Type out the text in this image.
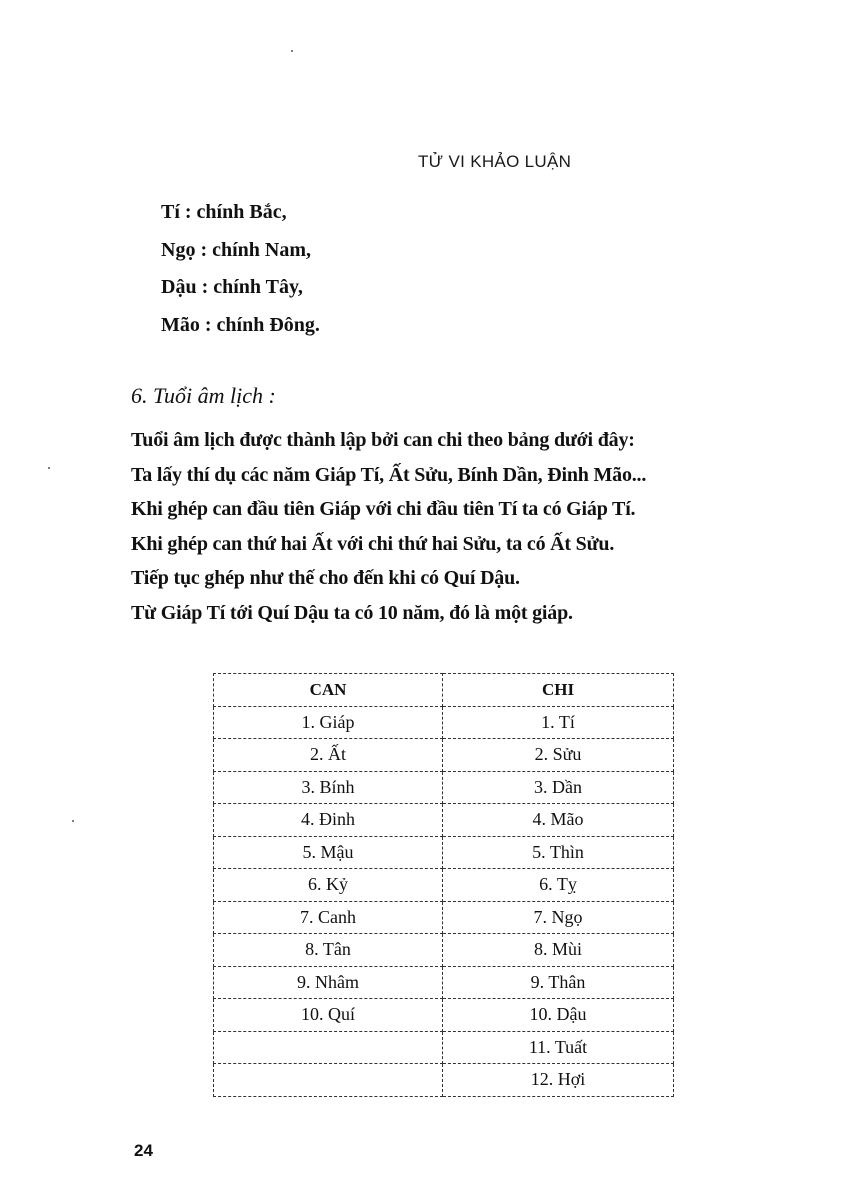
TỬ VI KHẢO LUẬN
Tí : chính Bắc,
Ngọ : chính Nam,
Dậu : chính Tây,
Mão : chính Đông.
6. Tuổi âm lịch :
Tuổi âm lịch được thành lập bởi can chi theo bảng dưới đây:
Ta lấy thí dụ các năm Giáp Tí, Ất Sửu, Bính Dần, Đinh Mão...
Khi ghép can đầu tiên Giáp với chi đầu tiên Tí ta có Giáp Tí.
Khi ghép can thứ hai Ất với chi thứ hai Sửu, ta có Ất Sửu.
Tiếp tục ghép như thế cho đến khi có Quí Dậu.
Từ Giáp Tí tới Quí Dậu ta có 10 năm, đó là một giáp.
CAN	CHI
1. Giáp	1. Tí
2. Ất	2. Sửu
3. Bính	3. Dần
4. Đinh	4. Mão
5. Mậu	5. Thìn
6. Kỷ	6. Tỵ
7. Canh	7. Ngọ
8. Tân	8. Mùi
9. Nhâm	9. Thân
10. Quí	10. Dậu
	11. Tuất
	12. Hợi
24
